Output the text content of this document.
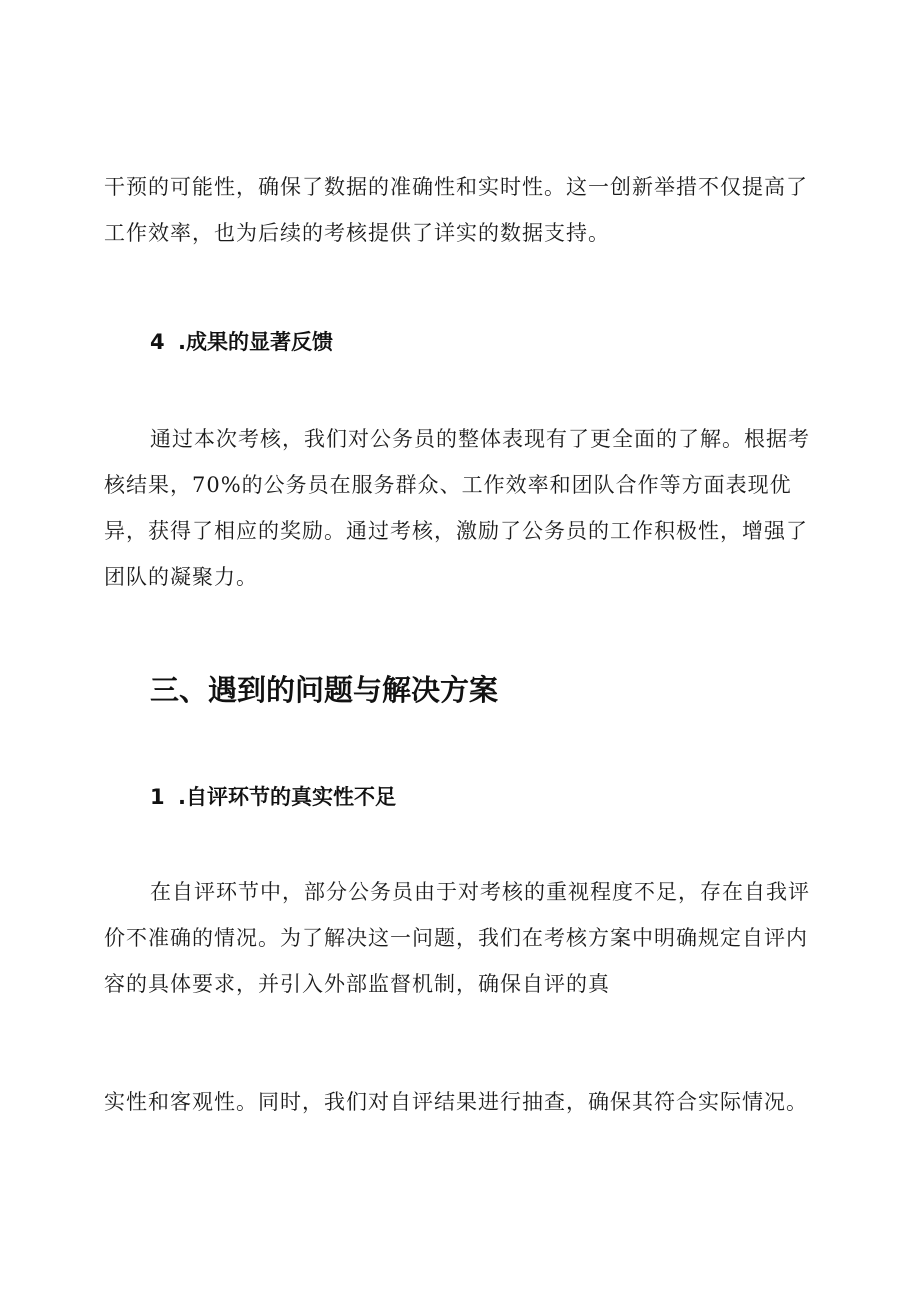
干预的可能性，确保了数据的准确性和实时性。这一创新举措不仅提高了工作效率，也为后续的考核提供了详实的数据支持。

4 .成果的显著反馈

通过本次考核，我们对公务员的整体表现有了更全面的了解。根据考核结果，70%的公务员在服务群众、工作效率和团队合作等方面表现优异，获得了相应的奖励。通过考核，激励了公务员的工作积极性，增强了团队的凝聚力。

三、遇到的问题与解决方案
1 .自评环节的真实性不足

在自评环节中，部分公务员由于对考核的重视程度不足，存在自我评价不准确的情况。为了解决这一问题，我们在考核方案中明确规定自评内容的具体要求，并引入外部监督机制，确保自评的真

实性和客观性。同时，我们对自评结果进行抽查，确保其符合实际情况。
